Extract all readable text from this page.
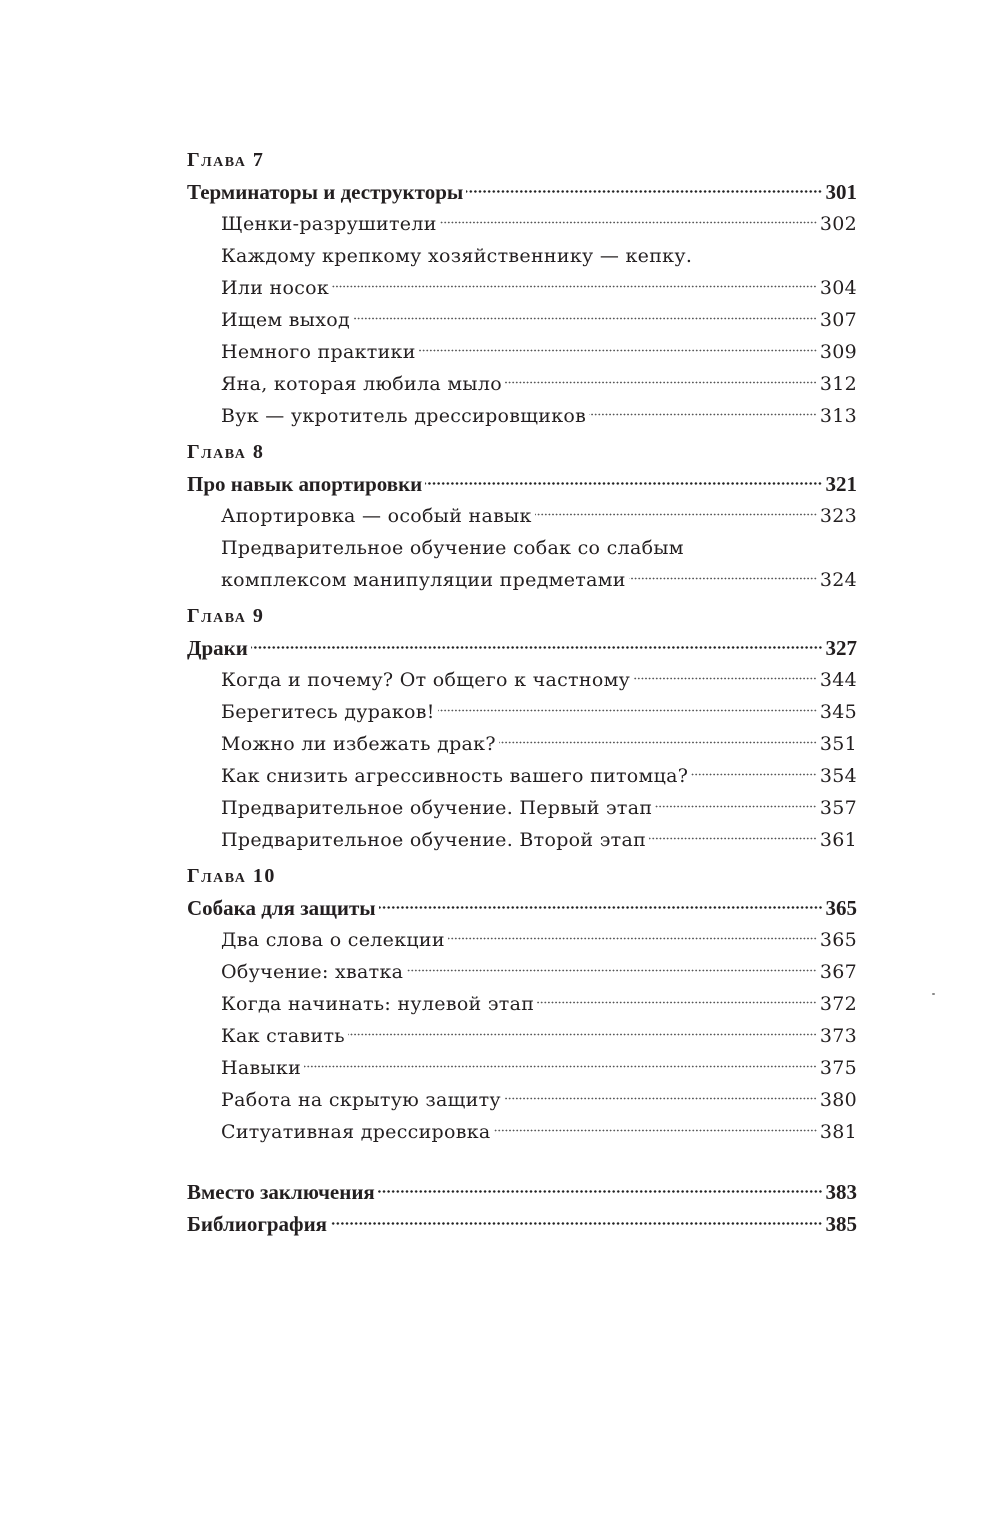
Глава 7
Терминаторы и деструкторы	301
Щенки-разрушители	302
Каждому крепкому хозяйственнику — кепку.
Или носок	304
Ищем выход	307
Немного практики	309
Яна, которая любила мыло	312
Вук — укротитель дрессировщиков	313
Глава 8
Про навык апортировки	321
Апортировка — особый навык	323
Предварительное обучение собак со слабым
комплексом манипуляции предметами	324
Глава 9
Драки	327
Когда и почему? От общего к частному	344
Берегитесь дураков!	345
Можно ли избежать драк?	351
Как снизить агрессивность вашего питомца?	354
Предварительное обучение. Первый этап	357
Предварительное обучение. Второй этап	361
Глава 10
Собака для защиты	365
Два слова о селекции	365
Обучение: хватка	367
Когда начинать: нулевой этап	372
Как ставить	373
Навыки	375
Работа на скрытую защиту	380
Ситуативная дрессировка	381
Вместо заключения	383
Библиография	385
